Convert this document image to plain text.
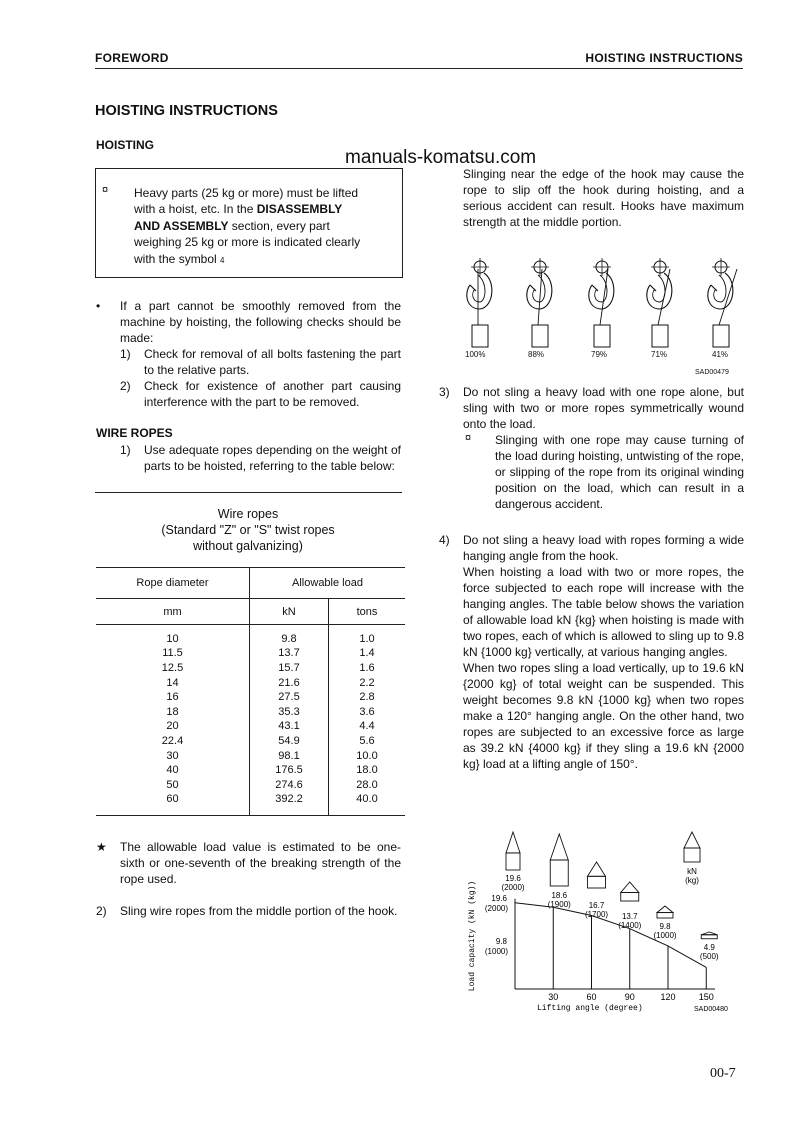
FOREWORD	HOISTING INSTRUCTIONS
manuals-komatsu.com
HOISTING INSTRUCTIONS
HOISTING
¤ Heavy parts (25 kg or more) must be lifted
with a hoist, etc. In the DISASSEMBLY
AND ASSEMBLY section, every part
weighing 25 kg or more is indicated clearly
with the symbol 4
• If a part cannot be smoothly removed from the machine by hoisting, the following checks should be made:
1) Check for removal of all bolts fastening the part to the relative parts.
2) Check for existence of another part causing interference with the part to be removed.
WIRE ROPES
1) Use adequate ropes depending on the weight of parts to be hoisted, referring to the table below:
Wire ropes
(Standard "Z" or "S" twist ropes
without galvanizing)
Rope diameter	Allowable load	
mm	kN	tons

10	9.8	1.0
11.5	13.7	1.4
12.5	15.7	1.6
14	21.6	2.2
16	27.5	2.8
18	35.3	3.6
20	43.1	4.4
22.4	54.9	5.6
30	98.1	10.0
40	176.5	18.0
50	274.6	28.0
60	392.2	40.0

★ The allowable load value is estimated to be one-sixth or one-seventh of the breaking strength of the rope used.
2) Sling wire ropes from the middle portion of the hook.
Slinging near the edge of the hook may cause the rope to slip off the hook during hoisting, and a serious accident can result. Hooks have maximum strength at the middle portion.
100%	88%	79%	71%	41%
SAD00479
3) Do not sling a heavy load with one rope alone, but sling with two or more ropes symmetrically wound onto the load.
¤ Slinging with one rope may cause turning of the load during hoisting, untwisting of the rope, or slipping of the rope from its original winding position on the load, which can result in a dangerous accident.
4) Do not sling a heavy load with ropes forming a wide hanging angle from the hook.

When hoisting a load with two or more ropes, the force subjected to each rope will increase with the hanging angles. The table below shows the variation of allowable load kN {kg} when hoisting is made with two ropes, each of which is allowed to sling up to 9.8 kN {1000 kg} vertically, at various hanging angles.

When two ropes sling a load vertically, up to 19.6 kN {2000 kg} of total weight can be suspended. This weight becomes 9.8 kN {1000 kg} when two ropes make a 120° hanging angle. On the other hand, two ropes are subjected to an excessive force as large as 39.2 kN {4000 kg} if they sling a 19.6 kN {2000 kg} load at a lifting angle of 150°.

30	60	90	120	150
19.6
(2000)
9.8
(1000)
19.6
(2000)
18.6
(1900) 16.7
(1700) 13.7
(1400) 9.8
(1000)
4.9
(500)
kN
(kg)
Load capacity (kN (kg))
Lifting angle (degree)	SAD00480
00-7
